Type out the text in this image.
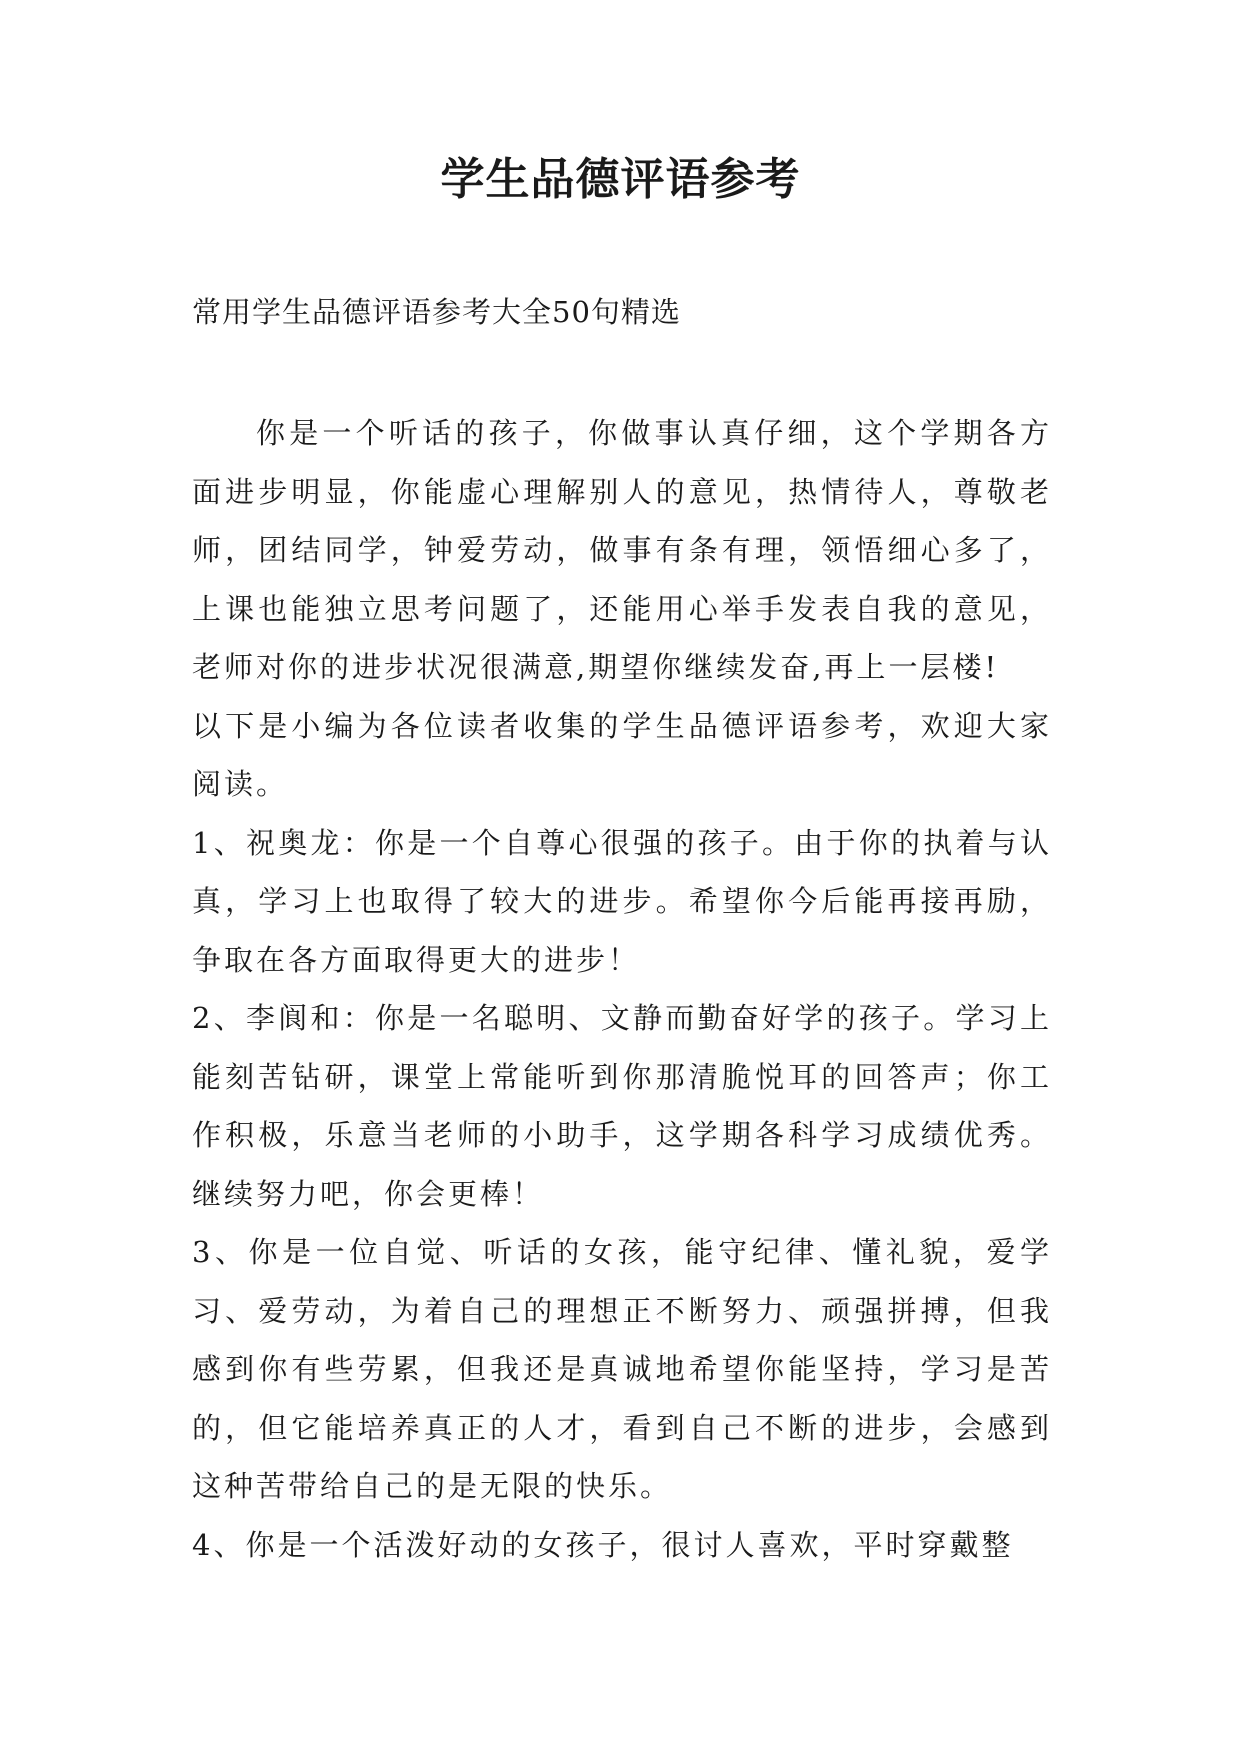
学生品德评语参考

常用学生品德评语参考大全50句精选

你是一个听话的孩子，你做事认真仔细，这个学期各方面进步明显，你能虚心理解别人的意见，热情待人，尊敬老师，团结同学，钟爱劳动，做事有条有理，领悟细心多了，上课也能独立思考问题了，还能用心举手发表自我的意见，老师对你的进步状况很满意,期望你继续发奋,再上一层楼!

以下是小编为各位读者收集的学生品德评语参考，欢迎大家阅读。

1、祝奥龙：你是一个自尊心很强的孩子。由于你的执着与认真，学习上也取得了较大的进步。希望你今后能再接再励，争取在各方面取得更大的进步！

2、李阆和：你是一名聪明、文静而勤奋好学的孩子。学习上能刻苦钻研，课堂上常能听到你那清脆悦耳的回答声；你工作积极，乐意当老师的小助手，这学期各科学习成绩优秀。继续努力吧，你会更棒！

3、你是一位自觉、听话的女孩，能守纪律、懂礼貌，爱学习、爱劳动，为着自己的理想正不断努力、顽强拼搏，但我感到你有些劳累，但我还是真诚地希望你能坚持，学习是苦的，但它能培养真正的人才，看到自己不断的进步，会感到这种苦带给自己的是无限的快乐。

4、你是一个活泼好动的女孩子，很讨人喜欢，平时穿戴整
